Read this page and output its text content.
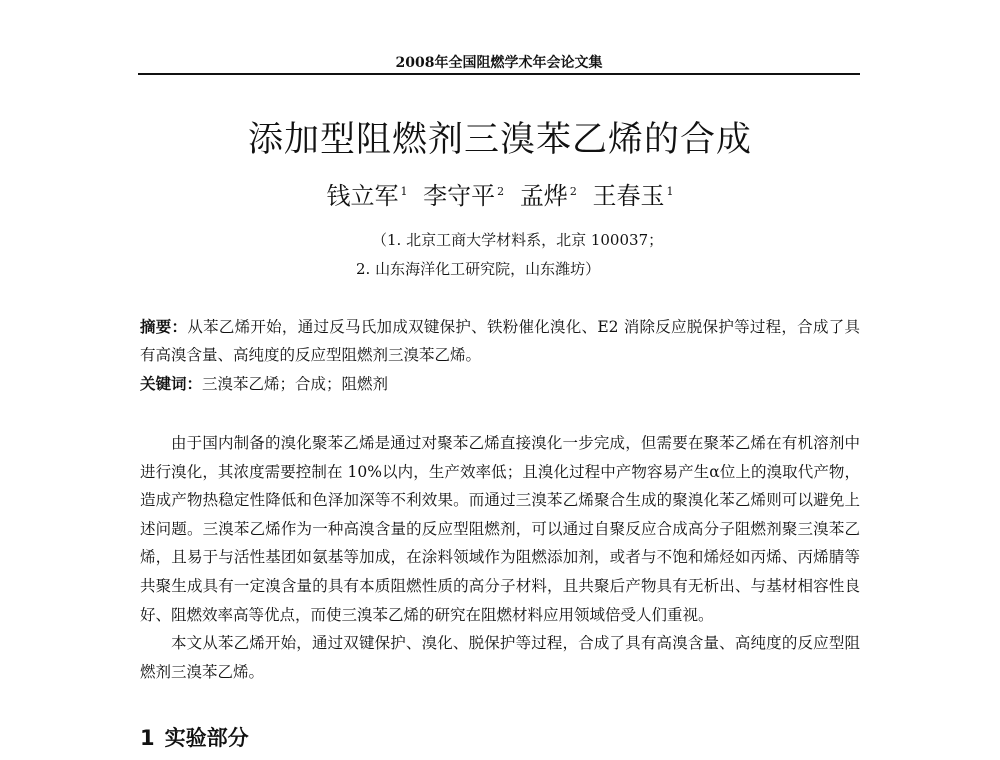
2008年全国阻燃学术年会论文集
添加型阻燃剂三溴苯乙烯的合成
钱立军 $^1$ 李守平 $^2$ 孟烨 $^2$ 王春玉 $^1$
（1. 北京工商大学材料系，北京 100037；
2. 山东海洋化工研究院，山东潍坊）
摘要：从苯乙烯开始，通过反马氏加成双键保护、铁粉催化溴化、E2 消除反应脱保护等过程，合成了具有高溴含量、高纯度的反应型阻燃剂三溴苯乙烯。
关键词：三溴苯乙烯；合成；阻燃剂

由于国内制备的溴化聚苯乙烯是通过对聚苯乙烯直接溴化一步完成，但需要在聚苯乙烯在有机溶剂中进行溴化，其浓度需要控制在 10%以内，生产效率低；且溴化过程中产物容易产生α位上的溴取代产物，造成产物热稳定性降低和色泽加深等不利效果。而通过三溴苯乙烯聚合生成的聚溴化苯乙烯则可以避免上述问题。三溴苯乙烯作为一种高溴含量的反应型阻燃剂，可以通过自聚反应合成高分子阻燃剂聚三溴苯乙烯，且易于与活性基团如氨基等加成，在涂料领域作为阻燃添加剂，或者与不饱和烯烃如丙烯、丙烯腈等共聚生成具有一定溴含量的具有本质阻燃性质的高分子材料，且共聚后产物具有无析出、与基材相容性良好、阻燃效率高等优点，而使三溴苯乙烯的研究在阻燃材料应用领域倍受人们重视。

本文从苯乙烯开始，通过双键保护、溴化、脱保护等过程，合成了具有高溴含量、高纯度的反应型阻燃剂三溴苯乙烯。

1 实验部分
